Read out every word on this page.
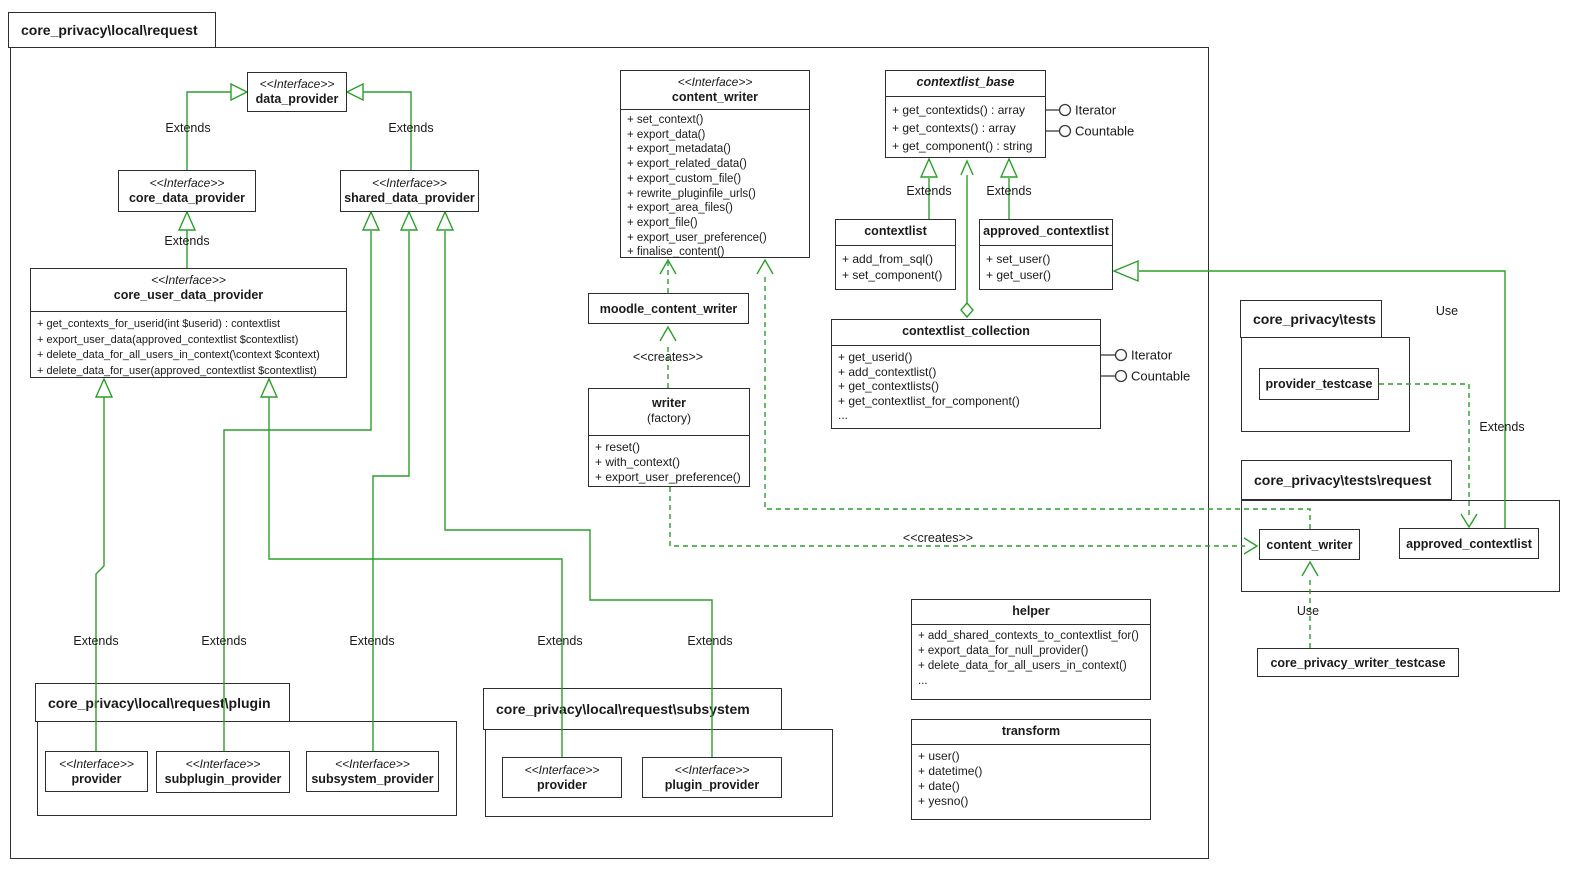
core_privacy\local\request
core_privacy\local\request\plugin	core_privacy\local\request\subsystem
core_privacy\tests
core_privacy\tests\request
<<Interface>>
data_provider
<<Interface>>
core_data_provider
<<Interface>>
shared_data_provider
<<Interface>>
core_user_data_provider
+ get_contexts_for_userid(int $userid) : contextlist
+ export_user_data(approved_contextlist $contextlist)
+ delete_data_for_all_users_in_context(\context $context)
+ delete_data_for_user(approved_contextlist $contextlist)
<<Interface>>
content_writer
+ set_context()
+ export_data()
+ export_metadata()
+ export_related_data()
+ export_custom_file()
+ rewrite_pluginfile_urls()
+ export_area_files()
+ export_file()
+ export_user_preference()
+ finalise_content()
contextlist_base
+ get_contextids() : array
+ get_contexts() : array
+ get_component() : string
contextlist
+ add_from_sql()
+ set_component()
approved_contextlist
+ set_user()
+ get_user()
contextlist_collection
+ get_userid()
+ add_contextlist()
+ get_contextlists()
+ get_contextlist_for_component()
...
moodle_content_writer
writer
(factory)
+ reset()
+ with_context()
+ export_user_preference()
helper
+ add_shared_contexts_to_contextlist_for()
+ export_data_for_null_provider()
+ delete_data_for_all_users_in_context()
...
transform
+ user()
+ datetime()
+ date()
+ yesno()
provider_testcase
content_writer	approved_contextlist
core_privacy_writer_testcase
<<Interface>>
provider
<<Interface>>
subplugin_provider
<<Interface>>
subsystem_provider
<<Interface>>
provider
<<Interface>>
plugin_provider
Extends	Extends
Extends
Extends	Extends	Extends	Extends	Extends
Extends	Extends
Extends
Use
Use
<<creates>>
<<creates>>
Iterator
Countable
Iterator
Countable
